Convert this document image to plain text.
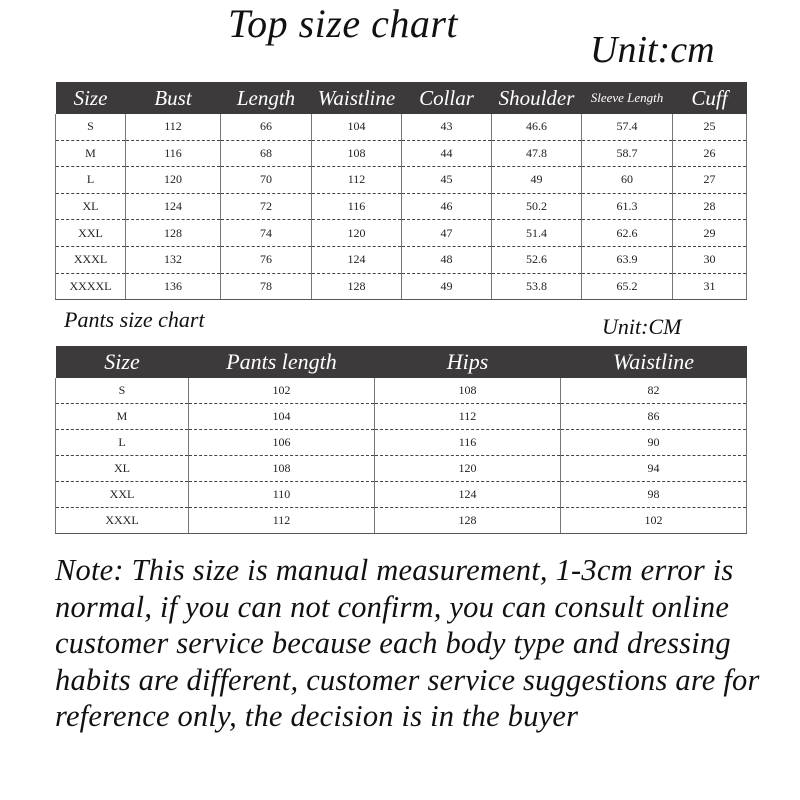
Top size chart
Unit:cm
Size	Bust	Length	Waistline	Collar	Shoulder	Sleeve Length	Cuff
S	112	66	104	43	46.6	57.4	25
M	116	68	108	44	47.8	58.7	26
L	120	70	112	45	49	60	27
XL	124	72	116	46	50.2	61.3	28
XXL	128	74	120	47	51.4	62.6	29
XXXL	132	76	124	48	52.6	63.9	30
XXXXL	136	78	128	49	53.8	65.2	31
Pants size chart	Unit:CM
Size	Pants length	Hips	Waistline
S	102	108	82
M	104	112	86
L	106	116	90
XL	108	120	94
XXL	110	124	98
XXXL	112	128	102
Note: This size is manual measurement, 1-3cm error is normal, if you can not confirm, you can consult online customer service because each body type and dressing habits are different, customer service suggestions are for reference only, the decision is in the buyer
